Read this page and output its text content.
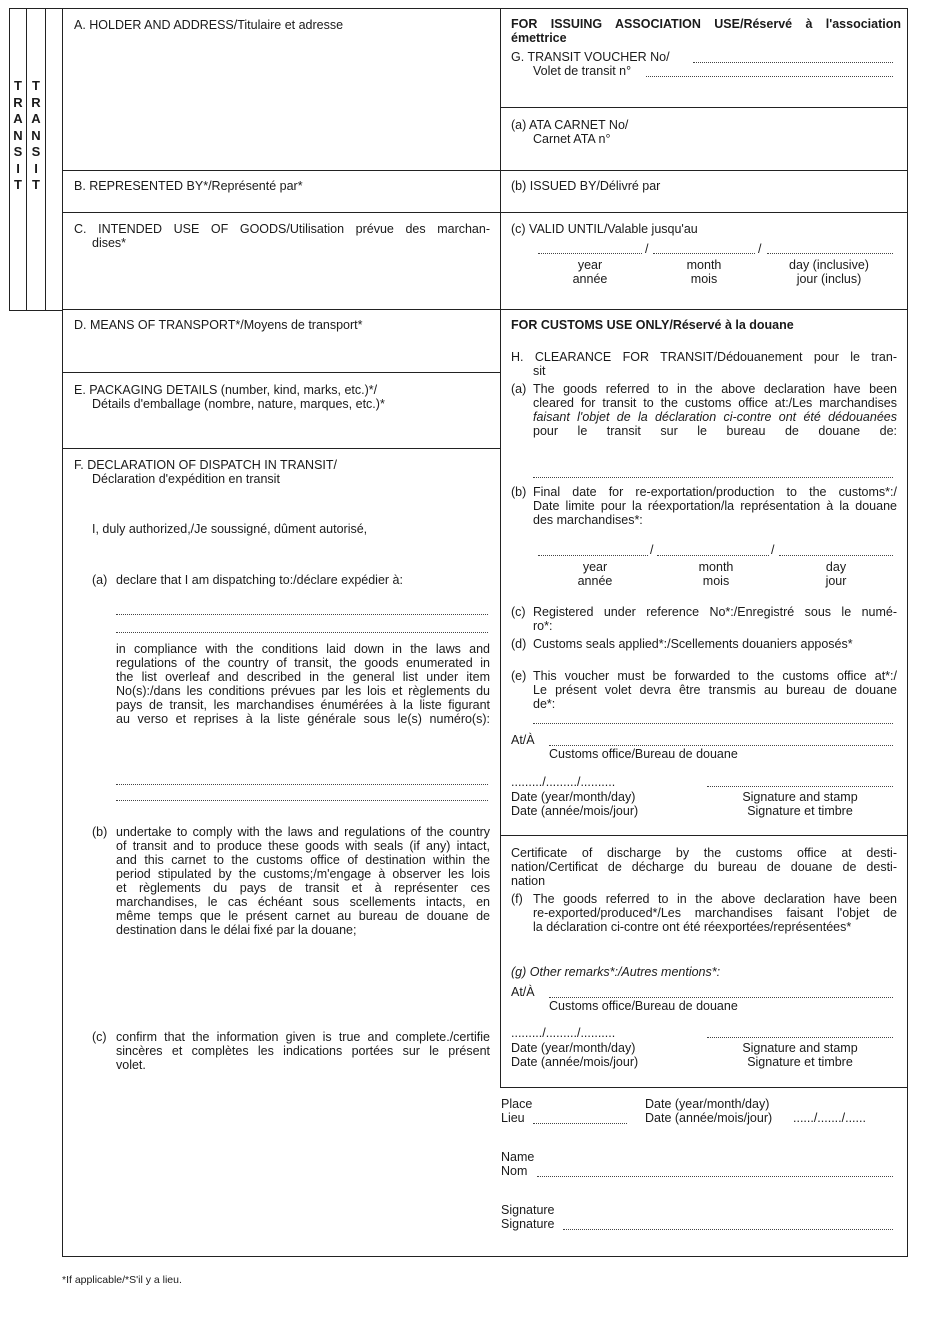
T
R
A
N
S
I
T
T
R
A
N
S
I
T
A. HOLDER AND ADDRESS/Titulaire et adresse
B. REPRESENTED BY*/Représenté par*
C. INTENDED USE OF GOODS/Utilisation prévue des marchan-
dises*
D. MEANS OF TRANSPORT*/Moyens de transport*
E. PACKAGING DETAILS (number, kind, marks, etc.)*/
Détails d'emballage (nombre, nature, marques, etc.)*
F. DECLARATION OF DISPATCH IN TRANSIT/
Déclaration d'expédition en transit
I, duly authorized,/Je soussigné, dûment autorisé,
(a) declare that I am dispatching to:/déclare expédier à:
in compliance with the conditions laid down in the laws and
regulations of the country of transit, the goods enumerated in
the list overleaf and described in the general list under item
No(s):/dans les conditions prévues par les lois et règlements du
pays de transit, les marchandises énumérées à la liste figurant
au verso et reprises à la liste générale sous le(s) numéro(s):
(b) undertake to comply with the laws and regulations of the country
of transit and to produce these goods with seals (if any) intact,
and this carnet to the customs office of destination within the
period stipulated by the customs;/m'engage à observer les lois
et règlements du pays de transit et à représenter ces
marchandises, le cas échéant sous scellements intacts, en
même temps que le présent carnet au bureau de douane de
destination dans le délai fixé par la douane;
(c) confirm that the information given is true and complete./certifie
sincères et complètes les indications portées sur le présent
volet.
FOR ISSUING ASSOCIATION USE/Réservé à l'association
émettrice
G. TRANSIT VOUCHER No/
Volet de transit n°
(a) ATA CARNET No/
Carnet ATA n°
(b) ISSUED BY/Délivré par
(c) VALID UNTIL/Valable jusqu'au
/	/
year
année
month
mois
day (inclusive)
jour (inclus)
FOR CUSTOMS USE ONLY/Réservé à la douane
H. CLEARANCE FOR TRANSIT/Dédouanement pour le tran-
sit
(a) The goods referred to in the above declaration have been
cleared for transit to the customs office at:/Les marchandises
faisant l'objet de la déclaration ci-contre ont été dédouanées
pour le transit sur le bureau de douane de:
(b) Final date for re-exportation/production to the customs*:/
Date limite pour la réexportation/la représentation à la douane
des marchandises*:
/	/
year
année
month
mois
day
jour
(c) Registered under reference No*:/Enregistré sous le numé-
ro*:
(d) Customs seals applied*:/Scellements douaniers apposés*
(e) This voucher must be forwarded to the customs office at*:/
Le présent volet devra être transmis au bureau de douane
de*:
At/À
Customs office/Bureau de douane
........./........./..........
Date (year/month/day)
Date (année/mois/jour)
Signature and stamp
Signature et timbre
Certificate of discharge by the customs office at desti-
nation/Certificat de décharge du bureau de douane de desti-
nation
(f) The goods referred to in the above declaration have been
re-exported/produced*/Les marchandises faisant l'objet de
la déclaration ci-contre ont été réexportées/représentées*
(g) Other remarks*:/Autres mentions*:
At/À
Customs office/Bureau de douane
........./........./..........
Date (year/month/day)
Date (année/mois/jour)
Signature and stamp
Signature et timbre
Place
Lieu
Date (year/month/day)
Date (année/mois/jour) ....../......./......
Name
Nom
Signature
Signature
*If applicable/*S'il y a lieu.
